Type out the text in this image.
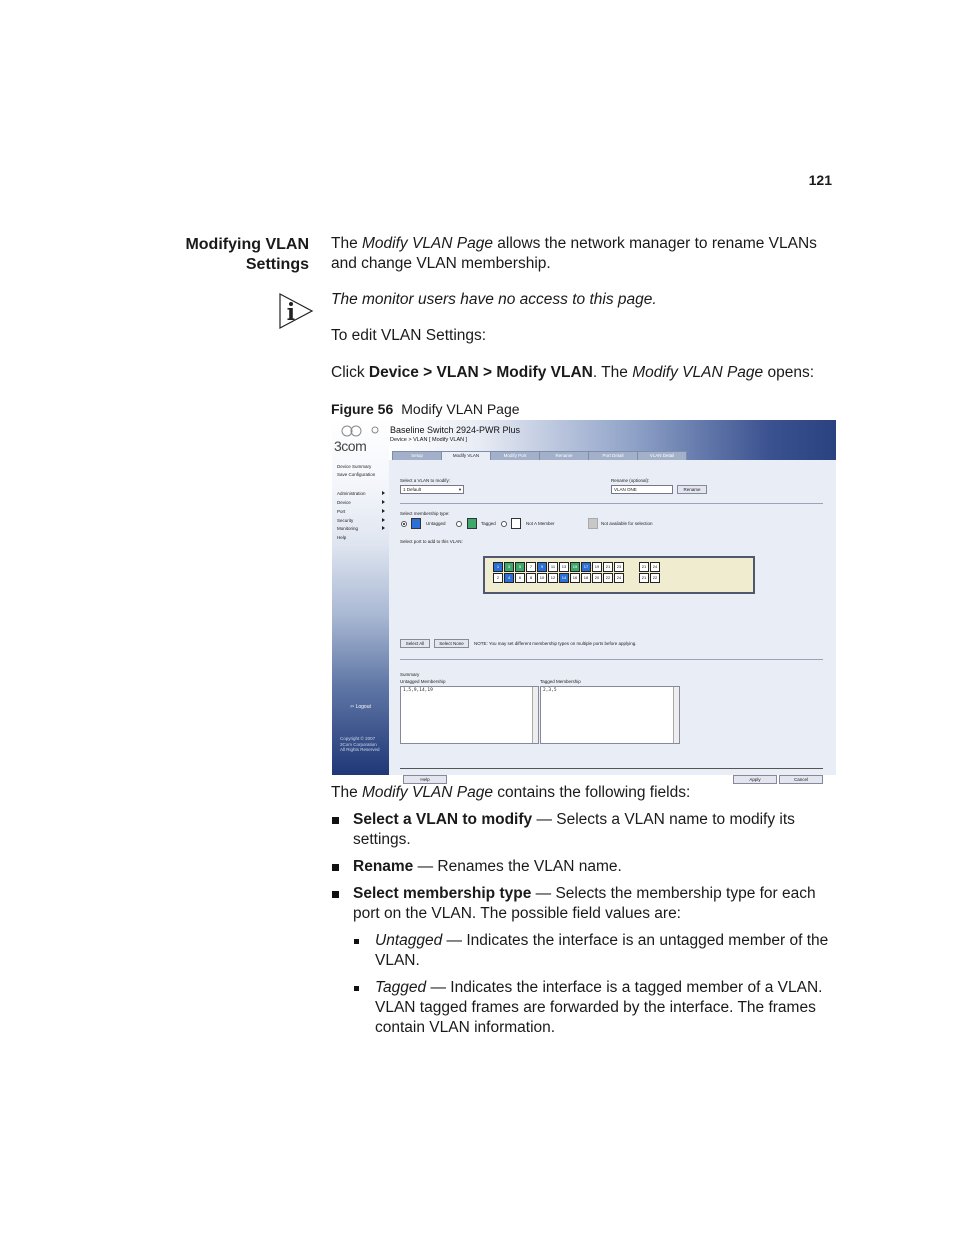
121
Modifying VLAN
Settings
The Modify VLAN Page allows the network manager to rename VLANs and change VLAN membership.
The monitor users have no access to this page.
To edit VLAN Settings:
Click Device > VLAN > Modify VLAN. The Modify VLAN Page opens:
Figure 56 Modify VLAN Page
3com
Device Summary
Save Configuration
Administration
Device
Port
Security
Monitoring
Help
⇦ Logout
Copyright © 2007
3Com Corporation
All Rights Reserved
Baseline Switch 2924-PWR Plus
Device > VLAN [ Modify VLAN ]
Setup	Modify VLAN	Modify Port	Rename	Port Detail	VLAN Detail
Select a VLAN to modify:
1 Default	▼
Rename (optional):
VLAN ONE	Rename
Select membership type:
Untagged	Tagged	Not A Member	Not available for selection
Select port to add to this VLAN:
1	3	5	7	9	11	13	15	17	19	21	23	21	24
2	4	6	8	10	12	14	16	18	20	22	24	21	22
Select All	Select None	NOTE: You may set different membership types on multiple ports before applying.
Summary
Untagged Membership
1,5,9,14,19
Tagged Membership
2,3,5
Help	Apply	Cancel
The Modify VLAN Page contains the following fields:
Select a VLAN to modify — Selects a VLAN name to modify its settings.
Rename — Renames the VLAN name.
Select membership type — Selects the membership type for each port on the VLAN. The possible field values are:
Untagged — Indicates the interface is an untagged member of the VLAN.
Tagged — Indicates the interface is a tagged member of a VLAN. VLAN tagged frames are forwarded by the interface. The frames contain VLAN information.
